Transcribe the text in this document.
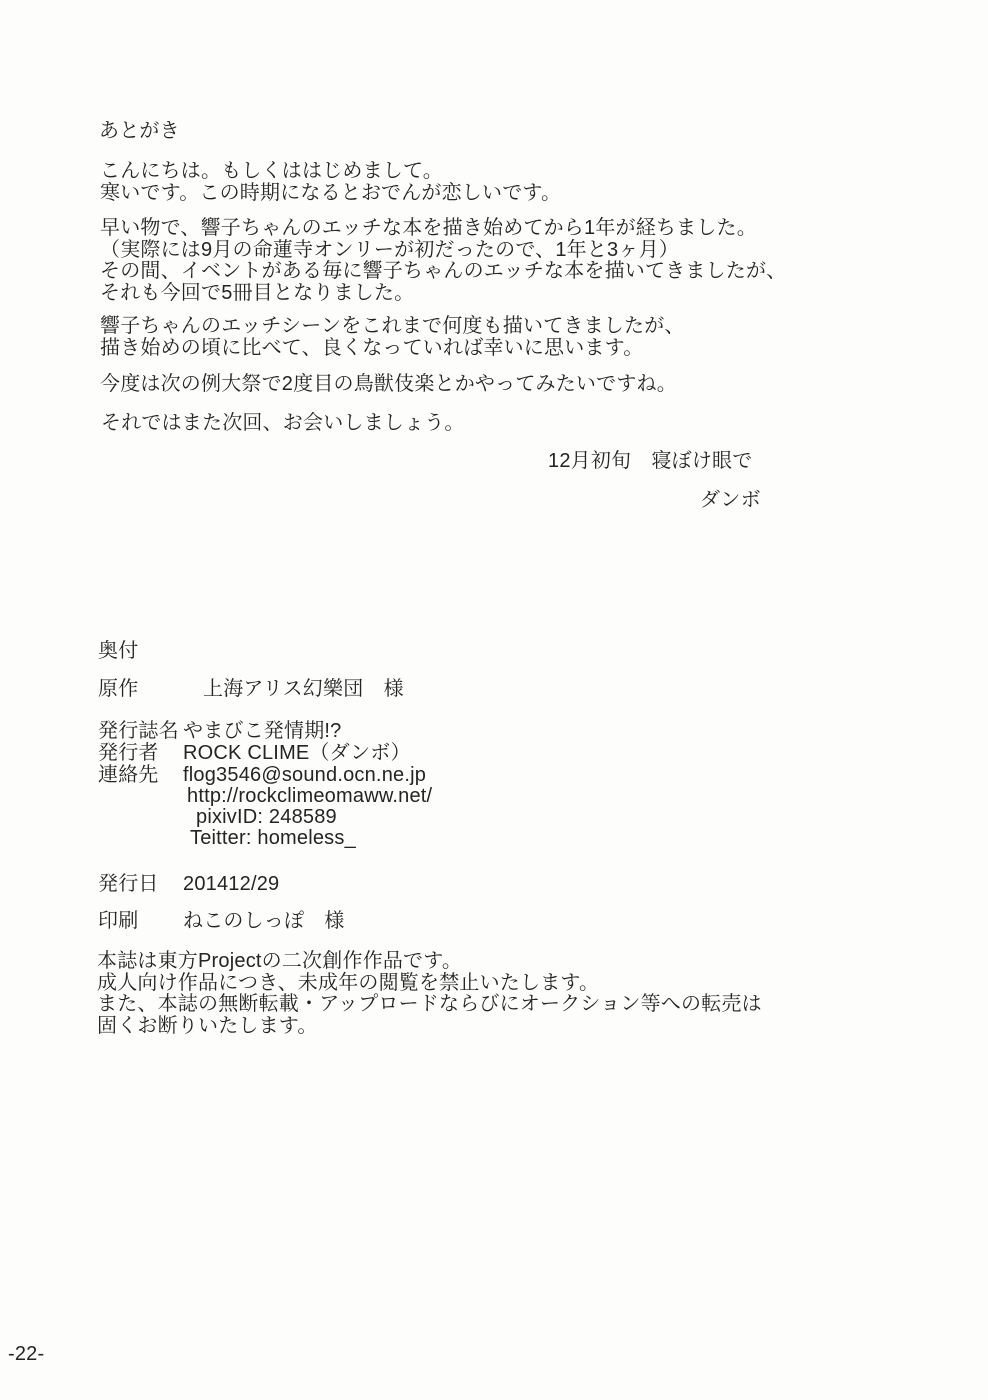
あとがき
こんにちは。もしくははじめまして。
寒いです。この時期になるとおでんが恋しいです。
早い物で、響子ちゃんのエッチな本を描き始めてから1年が経ちました。
（実際には9月の命蓮寺オンリーが初だったので、1年と3ヶ月）
その間、イベントがある毎に響子ちゃんのエッチな本を描いてきましたが、
それも今回で5冊目となりました。
響子ちゃんのエッチシーンをこれまで何度も描いてきましたが、
描き始めの頃に比べて、良くなっていれば幸いに思います。
今度は次の例大祭で2度目の鳥獣伎楽とかやってみたいですね。
それではまた次回、お会いしましょう。
12月初旬　寝ぼけ眼で
ダンボ
奥付
原作	上海アリス幻樂団　様
発行誌名 やまびこ発情期!?
発行者 ROCK CLIME（ダンボ）
連絡先 flog3546@sound.ocn.ne.jp
http://rockclimeomaww.net/
pixivID: 248589
Teitter: homeless_
発行日 201412/29
印刷 ねこのしっぽ　様
本誌は東方Projectの二次創作作品です。
成人向け作品につき、未成年の閲覧を禁止いたします。
また、本誌の無断転載・アップロードならびにオークション等への転売は
固くお断りいたします。
-22-
